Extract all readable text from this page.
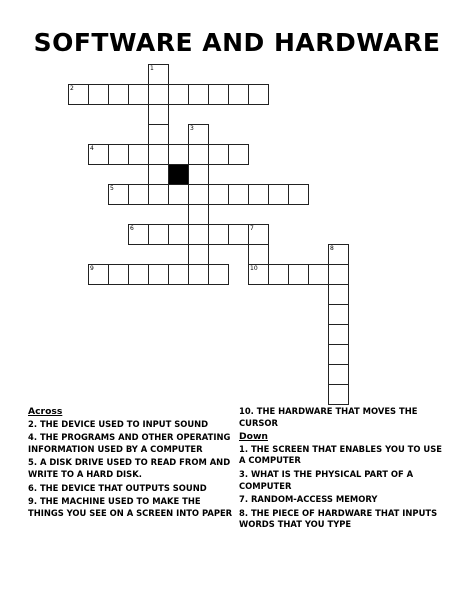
SOFTWARE AND HARDWARE
2
4
5
6	7
9	10
1
3
8
Across
2. THE DEVICE USED TO INPUT SOUND
4. THE PROGRAMS AND OTHER OPERATING INFORMATION USED BY A COMPUTER
5. A DISK DRIVE USED TO READ FROM AND WRITE TO A HARD DISK.
6. THE DEVICE THAT OUTPUTS SOUND
9. THE MACHINE USED TO MAKE THE THINGS YOU SEE ON A SCREEN INTO PAPER
10. THE HARDWARE THAT MOVES THE CURSOR
Down
1. THE SCREEN THAT ENABLES YOU TO USE A COMPUTER
3. WHAT IS THE PHYSICAL PART OF A COMPUTER
7. RANDOM-ACCESS MEMORY
8. THE PIECE OF HARDWARE THAT INPUTS WORDS THAT YOU TYPE
